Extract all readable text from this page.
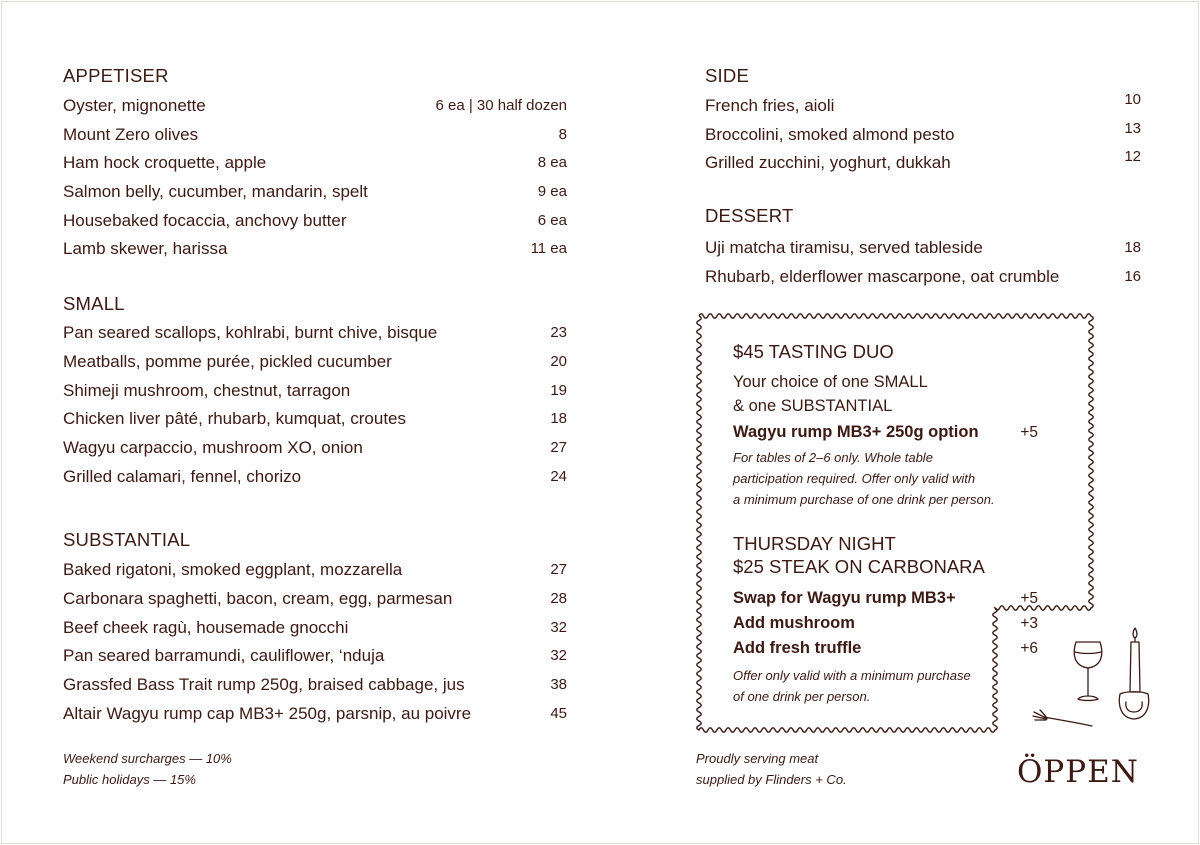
APPETISER
Oyster, mignonette	6 ea | 30 half dozen
Mount Zero olives	8
Ham hock croquette, apple	8 ea
Salmon belly, cucumber, mandarin, spelt	9 ea
Housebaked focaccia, anchovy butter	6 ea
Lamb skewer, harissa	11 ea
SMALL
Pan seared scallops, kohlrabi, burnt chive, bisque	23
Meatballs, pomme purée, pickled cucumber	20
Shimeji mushroom, chestnut, tarragon	19
Chicken liver pâté, rhubarb, kumquat, croutes	18
Wagyu carpaccio, mushroom XO, onion	27
Grilled calamari, fennel, chorizo	24
SUBSTANTIAL
Baked rigatoni, smoked eggplant, mozzarella	27
Carbonara spaghetti, bacon, cream, egg, parmesan	28
Beef cheek ragù, housemade gnocchi	32
Pan seared barramundi, cauliflower, ‘nduja	32
Grassfed Bass Trait rump 250g, braised cabbage, jus	38
Altair Wagyu rump cap MB3+ 250g, parsnip, au poivre	45
Weekend surcharges — 10%
Public holidays — 15%
SIDE
French fries, aioli	10
Broccolini, smoked almond pesto	13
Grilled zucchini, yoghurt, dukkah	12
DESSERT
Uji matcha tiramisu, served tableside	18
Rhubarb, elderflower mascarpone, oat crumble	16
$45 TASTING DUO
Your choice of one SMALL
& one SUBSTANTIAL
Wagyu rump MB3+ 250g option	+5
For tables of 2–6 only. Whole table
participation required. Offer only valid with
a minimum purchase of one drink per person.
THURSDAY NIGHT
$25 STEAK ON CARBONARA
Swap for Wagyu rump MB3+	+5
Add mushroom	+3
Add fresh truffle	+6
Offer only valid with a minimum purchase
of one drink per person.
Proudly serving meat
supplied by Flinders + Co.	ÖPPEN
